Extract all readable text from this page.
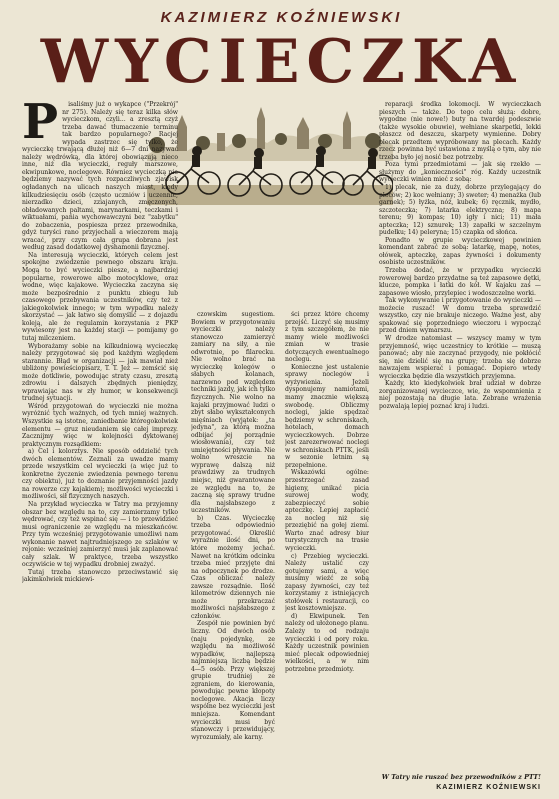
KAZIMIERZ KOŹNIEWSKI
WYCIECZKA
P	isaliśmy już o wykapce ("Przekrój" nr 275). Należy się teraz kilka słów wycieczkom, czyli... a zresztą czyż trzeba dawać tłumaczenie terminu tak bardzo popularnego? Racjej wypada zastrzec się tylko, że wycieczkę trwającą dłużej niż 6—7 dni nazywać należy wędrówką, dla której obowiązują nieco inne, niż dla wycieczki, reguły marszowe, ekwipunkowe, noclegowe. Równiez wycieczką nie będziemy nazywać tych rozpaczliwych zjawisk ogładanych na ulicach naszych miast, kiedy kilkudziesięciu osób (często uczniów i uczennic, nierzadko dzieci, zziajanych, zmęczonych, obładowanych paltami, marynarkami, teczkami i wiktuałami, pańia wychowawczyni bez "zabytku" do zobaczenia, pospiesza przez przewodnika, gdyż turyści rano przyjechali a wieczorem mają wracać, przy czym cała grupa dobrana jest według zasad dodatkowej dyshamonii fizycznej.

Na interesują wycieczki, których celem jest spokojne zwiedzenie pewnego obszaru kraju. Mogą to być wycieczki piesze, a najbardziej popularne, rowerowe albo motocyklowe, oraz wodne, więc kajakowe. Wycieczka zaczyna się może bezpośrednio z punktu zbiegu lub czasowego przebywania uczestników, czy też z jakiegokolwiek innego; w tym wypadku należy skorzystać — jak łatwo się domyślić — z dojazdu koleją, ale że regulamin korzystania z PKP wywiesony jest na każdej stacji — pomijamy go tutaj milczeniem.

Wyborażamy sobie na kilkudniową wycieczkę należy przygotować się pod każdym względem starannie. Błąd w organizacji — jak mawiał nież ubliżony powieściopisarz, T. T. Jeż — zemścić się może dotkliwie, powodując straty czasu, zresztą zdrowiu i dalszych zbędnych pieniędzy, wprawiając nas w zły humor, w konsekwencji trudnej sytuacji.

Wśród przygotowań do wycieczki nie można wyróżnić tych ważnych, od tych mniej ważnych. Wszystkie są istotne, zaniedbanie któregokolwiek elementu — gruz nieudaniem się całej imprezy. Zacznijmy więc w kolejności dyktowanej praktycznym rozsądkiem:

a) Cel i kolorztys. Nie sposób oddzielić tych dwóch elementów. Zeznali za uwadze mamy przede wszystkim cel wycieczki (a więc już to konkretne życzenie zwiedzenia pewnego terenu czy obiektu), już to doznanie przyjemności jazdy na rowerze czy kajakiem); możliwości wycieczki i możliwości, sił fizycznych naszych.

Na przykład wycieczka w Tatry ma przyjemny obszar bez względu na to, czy zamierzamy tylko wędrować, czy też wspinać się — i to przewidzieć musi ograniczenie ze względu na mieszkańców. Przy tym wcześniej przygotowanie umożliwi nam wykonanie nawet najtrudniejszego ze szlaków w rejonie: wcześniej zamierzyć musi jak zaplanować cały szlak. W praktyce, trzeba wszystko oczywiście w tej wypadku drobniej zważyć.

Tutaj trzeba stanowczo przeciwstawić się jakimkolwiek mickiewi-

czowskim sugestiom. Bowiem w przygotowaniu wycieczki należy stanowczo zamierzyć zamiary na siły, a nie odwrotnie, po filarecku. Nie wolno brać na wycieczkę kolegów o słabych kolanach, narzewno pod względem techniki jazdy, jak ich tylko fizycznych. Nie wolno na kajaki przyjmować ludzi o zbyt słabo wykształconych mięśniach (wyjątek: „ta jedyna", za którą można odbijać jej porządnie wiosłowania), czy też umiejętności pływania. Nie wolno wreszcie na wyprawę dalszą niż prawdziwy za trudnych miejsc, niż gwarantowane ze względu na to, że zaczną się sprawy trudne dla najsłabszego z uczestników.

b) Czas. Wycieczkę trzeba odpowiednio przygotować. Określić wyraźnie ilość dni, po które możemy jechać. Nawet na krótkim odcinku trzeba mieć przyjęte dni na odpoczynek po drodze. Czas obliczać należy zawsze rozsądnie. Ilość kilometrów dziennych nie może przekraczać możliwości najsłabszego z członków.

Zespół nie powinien być liczny. Od dwóch osób (naju pojedynkę, ze względu na możliwość wypadków, najlepszą najmniejszą liczbą będzie 4—5 osób. Przy większej grupie trudniej ze zgraniem, do kierowania, powodując pewne kłopoty noclegowe. Akacja liczy wspólne bez wycieczki jest mniejsza. Komendant wycieczki musi być stanowczy i przewidujący, wyrozumiały, ale karny.

ści przez które chcemy przejść. Liczyć się musimy z tym szczegółem, że nie mamy wiele możliwości zmian w trasie dotyczących ewentualnego noclegu.

Konieczne jest ustalenie sprawy noclegów i wyżywienia. Jeżeli dysponujemy namiotami, mamy znacznie większą swobodę. Obliczmy noclegi, jakie spędzać będziemy w schroniskach, hotelach, domach wycieczkowych. Dobrze jest zarezerwować noclegi w schroniskach PTTK, jeśli w sezonie letnim są przepełnione.

Wskazówki ogólne: przestrzegać zasad higieny, unikać picia surowej wody, zabezpieczyć sobie apteczkę. Lepiej zapłacić za nocleg niż się przeziębić na gołej ziemi. Warto znać adresy biur turystycznych na trasie wycieczki.

c) Przebieg wycieczki. Należy ustalić czy gotujemy sami, a więc musimy wieźć ze sobą zapasy żywności, czy też korzystamy z istniejących stołówek i restauracji, co jest kosztowniejsze.

d) Ekwipunek. Ten należy od ułożonego planu. Zależy to od rodzaju wycieczki i od pory roku. Każdy uczestnik powinien mieć plecak odpowiedniej wielkości, a w nim potrzebne przedmioty.

reparacji środka lokomocji. W wycieczkach pieszych — także. Do tego celu służą: dobre, wygodne (nie nowe!) buty na twardej podeszwie (także wysokie obuwie), wełniane skarpetki, lekki płaszcz od deszczu, skarpety wymienne. Dobry plecak przedtem wypróbowany na plecach. Każdy rzecz powinna być ustawiona z myślą o tym, aby nie trzeba było jej nosić bez potrzeby.

Poza tymi przedmiotami — jak się rzekło — służymy do „konieczności" róg. Każdy uczestnik wycieczki winien mieć z sobą:

1) plecak, nie za duży, dobrze przylegający do pleców; 2) koc wełniany; 3) sweter; 4) menażka (lub garnek); 5) łyżka, nóż, kubek; 6) ręcznik, mydło, szczoteczka; 7) latarka elektryczna; 8) mapa terenu; 9) kompas; 10) igły i nici; 11) mała apteczka; 12) sznurek; 13) zapałki w szczelnym pudełku; 14) peleryna; 15) czapka od słońca.

Ponadto w grupie wycieczkowej powinien komendant zabrać ze sobą: latarkę, mapę, notes, ołówek, apteczkę, zapas żywności i dokumenty osobiste uczestników.

Trzeba dodać, że w przypadku wycieczki rowerowej bardzo przydatne są też zapasowe dętki, klucze, pompka i łatki do kół. W kajaku zaś — zapasowe wiosło, przylepiec i wodoszczelne worki.

Tak wykonywanie i przygotowanie do wycieczki — możecie ruszać! W domu trzeba sprawdzić wszystko, czy nie brakuje niczego. Ważne jest, aby spakować się poprzedniego wieczoru i wypocząć przed dniem wymarszu.

W drodze natomiast — wszyscy mamy w tym przyjemność, więc uczestnicy to krótkie — muszą panować; aby nie zaczynać przygody, nie pokłócić się, nie dzielić się na grupy; trzeba się dobrze nawzajem wspierać i pomagać. Dopiero wtedy wycieczka będzie dla wszystkich przyjemna.

Każdy, kto kiedykolwiek brał udział w dobrze zorganizowanej wycieczce, wie, że wspomnienia z niej pozostają na długie lata. Zebrane wrażenia pozwalają lepiej poznać kraj i ludzi.

W Tatry nie ruszać bez przewodników z PTT!
KAZIMIERZ KOŹNIEWSKI
